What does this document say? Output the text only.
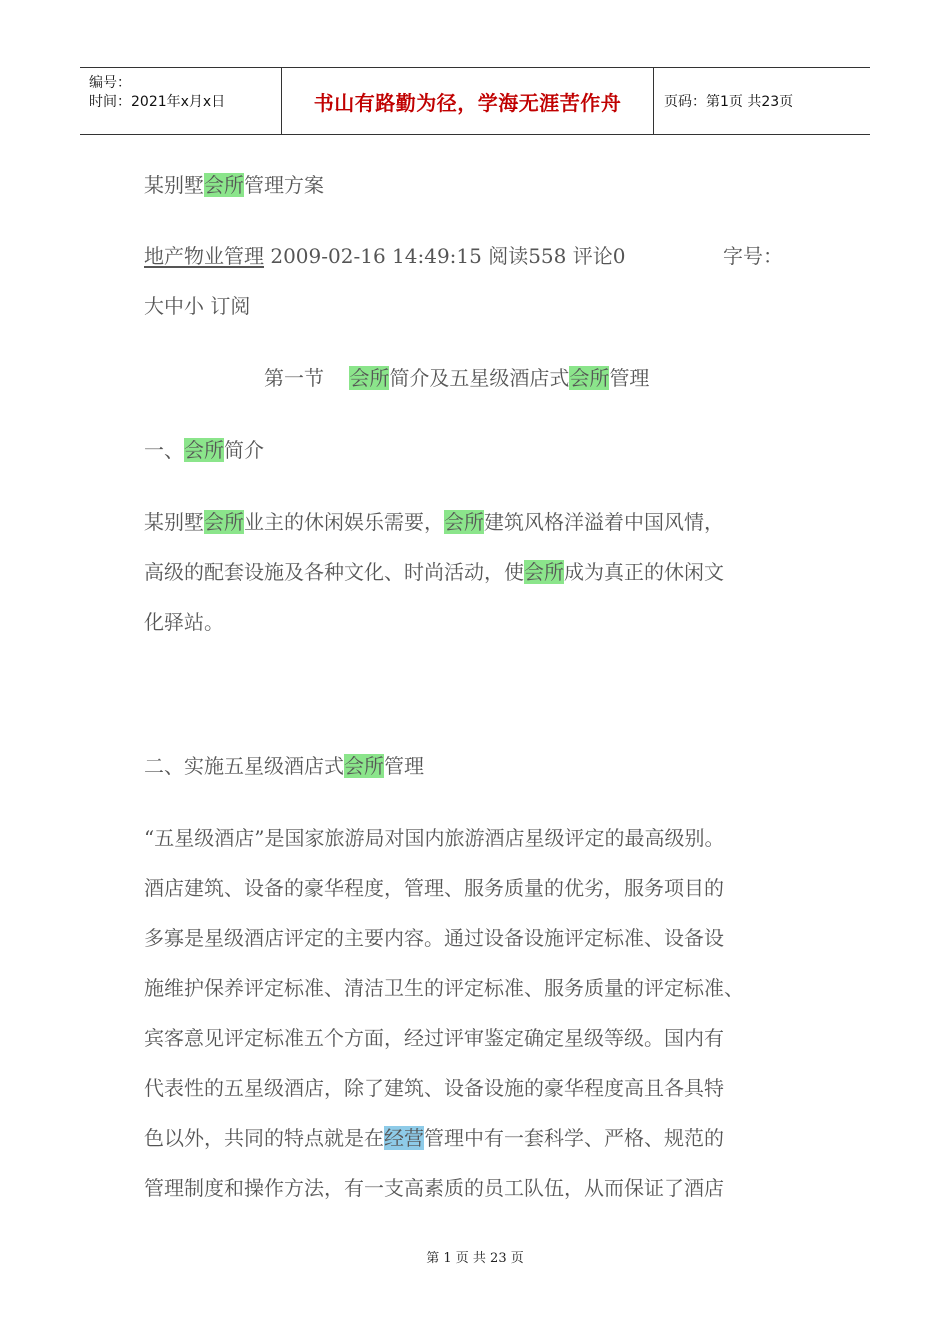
编号：
时间：2021年x月x日	书山有路勤为径，学海无涯苦作舟	页码：第1页 共23页
某别墅会所管理方案
地产物业管理 2009-02-16 14:49:15 阅读558 评论0	字号：
大中小 订阅
第一节    会所简介及五星级酒店式会所管理
一、会所简介
某别墅会所业主的休闲娱乐需要，会所建筑风格洋溢着中国风情，
高级的配套设施及各种文化、时尚活动，使会所成为真正的休闲文
化驿站。
二、实施五星级酒店式会所管理
“五星级酒店”是国家旅游局对国内旅游酒店星级评定的最高级别。
酒店建筑、设备的豪华程度，管理、服务质量的优劣，服务项目的
多寡是星级酒店评定的主要内容。通过设备设施评定标准、设备设
施维护保养评定标准、清洁卫生的评定标准、服务质量的评定标准、
宾客意见评定标准五个方面，经过评审鉴定确定星级等级。国内有
代表性的五星级酒店，除了建筑、设备设施的豪华程度高且各具特
色以外，共同的特点就是在经营管理中有一套科学、严格、规范的
管理制度和操作方法，有一支高素质的员工队伍，从而保证了酒店
第 1 页 共 23 页
